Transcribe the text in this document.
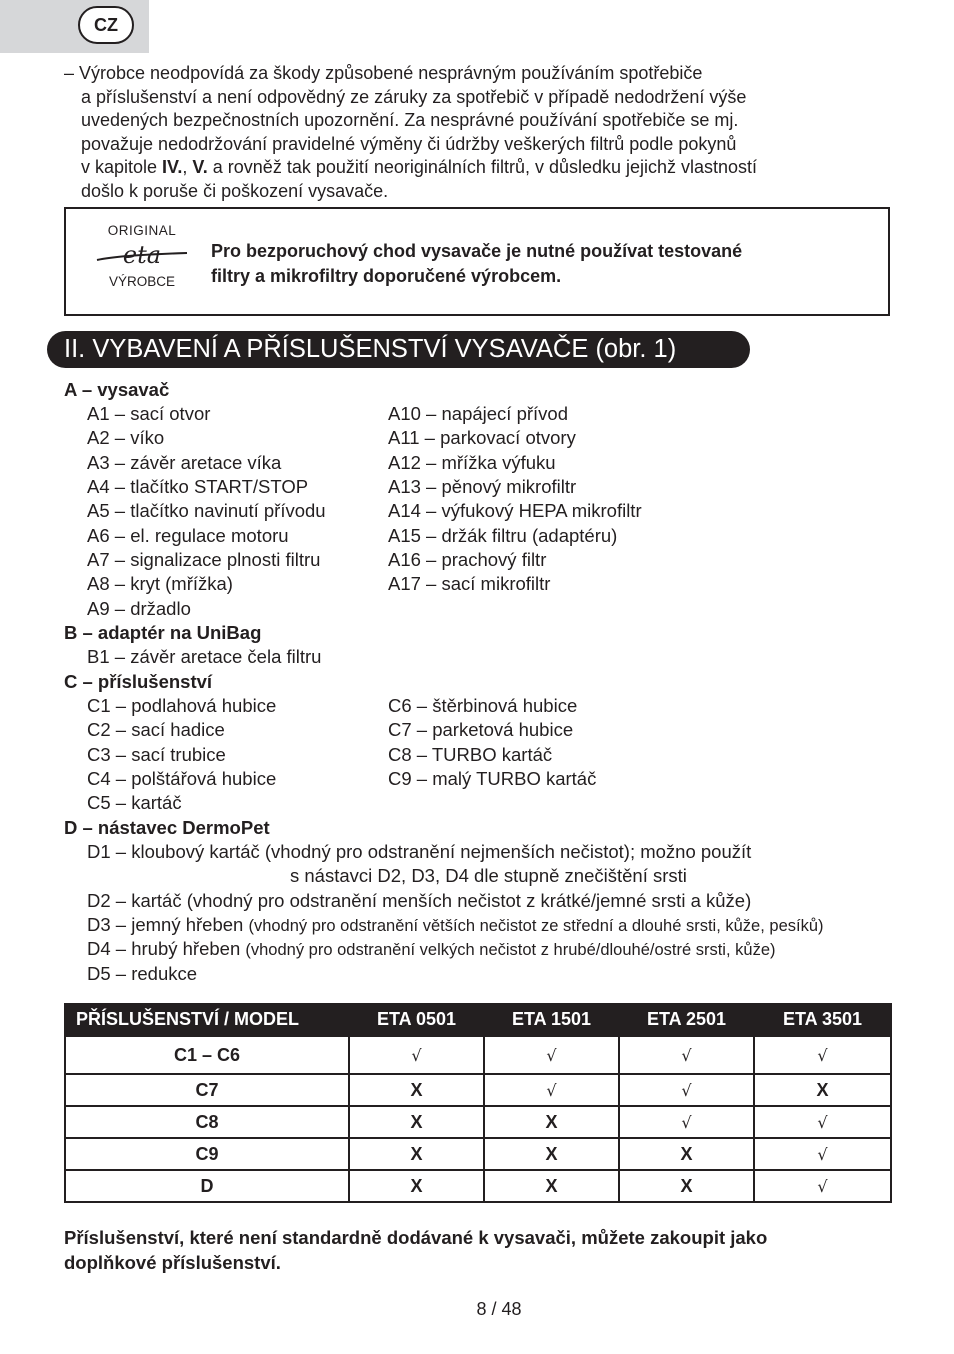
CZ
– Výrobce neodpovídá za škody způsobené nesprávným používáním spotřebiče
a příslušenství a není odpovědný ze záruky za spotřebič v případě nedodržení výše
uvedených bezpečnostních upozornění. Za nesprávné používání spotřebiče se mj.
považuje nedodržování pravidelné výměny či údržby veškerých filtrů podle pokynů
v kapitole IV., V. a rovněž tak použití neoriginálních filtrů, v důsledku jejichž vlastností
došlo k poruše či poškození vysavače.
ORIGINAL
eta
VÝROBCE
Pro bezporuchový chod vysavače je nutné používat testované
filtry a mikrofiltry doporučené výrobcem.
II. VYBAVENÍ A PŘÍSLUŠENSTVÍ VYSAVAČE (obr. 1)
A – vysavač
A1 – sací otvor
A2 – víko
A3 – závěr aretace víka
A4 – tlačítko START/STOP
A5 – tlačítko navinutí přívodu
A6 – el. regulace motoru
A7 – signalizace plnosti filtru
A8 – kryt (mřížka)
A9 – držadlo
A10 – napájecí přívod
A11 – parkovací otvory
A12 – mřížka výfuku
A13 – pěnový mikrofiltr
A14 – výfukový HEPA mikrofiltr
A15 – držák filtru (adaptéru)
A16 – prachový filtr
A17 – sací mikrofiltr
B – adaptér na UniBag
B1 – závěr aretace čela filtru
C – příslušenství
C1 – podlahová hubice
C2 – sací hadice
C3 – sací trubice
C4 – polštářová hubice
C5 – kartáč
C6 – štěrbinová hubice
C7 – parketová hubice
C8 – TURBO kartáč
C9 – malý TURBO kartáč
D – nástavec DermoPet
D1 – kloubový kartáč (vhodný pro odstranění nejmenších nečistot); možno použít
s nástavci D2, D3, D4 dle stupně znečištění srsti
D2 – kartáč (vhodný pro odstranění menších nečistot z krátké/jemné srsti a kůže)
D3 – jemný hřeben (vhodný pro odstranění větších nečistot ze střední a dlouhé srsti, kůže, pesíků)
D4 – hrubý hřeben (vhodný pro odstranění velkých nečistot z hrubé/dlouhé/ostré srsti, kůže)
D5 – redukce
PŘÍSLUŠENSTVÍ / MODEL	ETA 0501	ETA 1501	ETA 2501	ETA 3501
C1 – C6	√	√	√	√
C7	X	√	√	X
C8	X	X	√	√
C9	X	X	X	√
D	X	X	X	√
Příslušenství, které není standardně dodávané k vysavači, můžete zakoupit jako
doplňkové příslušenství.
8 / 48
